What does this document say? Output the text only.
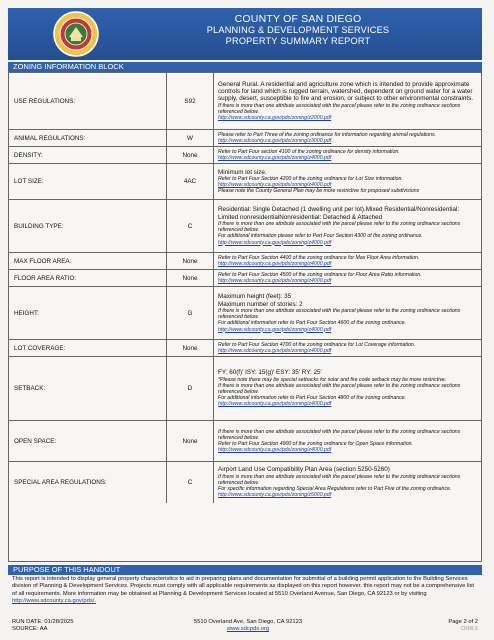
COUNTY OF SAN DIEGO
PLANNING & DEVELOPMENT SERVICES
PROPERTY SUMMARY REPORT
ZONING INFORMATION BLOCK
USE REGULATIONS:	S92
General Rural. A residential and agriculture zone which is intended to provide approximate controls for land which is rugged terrain, watershed, dependent on ground water for a water supply, desert, susceptible to fire and erosion, or subject to other environmental constraints.
If there is more than one attribute associated with the parcel please refer to the zoning ordinance sections referenced below.
http://www.sdcounty.ca.gov/pds/zoning/z2000.pdf
ANIMAL REGULATIONS:	W	Please refer to Part Three of the zoning ordinance for information regarding animal regulations.
http://www.sdcounty.ca.gov/pds/zoning/z3000.pdf
DENSITY:	None	Refer to Part Four section 4100 of the zoning ordinance for density information.
http://www.sdcounty.ca.gov/pds/zoning/z4000.pdf
LOT SIZE:	4AC
Minimum lot size.
Refer to Part Four Section 4200 of the zoning ordinance for Lot Size information.
http://www.sdcounty.ca.gov/pds/zoning/z4000.pdf
Please note the County General Plan may be more restrictive for proposed subdivisions
BUILDING TYPE:	C
Residential: Single Detached (1 dwelling unit per lot).Mixed Residential/Nonresidential: Limited nonresidentialNonresidential: Detached & Attached
If there is more than one attribute associated with the parcel please refer to the zoning ordinance sections referenced below.
For additional information please refer to Part Four Section 4300 of the zoning ordinance.
http://www.sdcounty.ca.gov/pds/zoning/z4000.pdf
MAX FLOOR AREA:	None	Refer to Part Four Section 4400 of the zoning ordinance for Max Floor Area information.
http://www.sdcounty.ca.gov/pds/zoning/z4000.pdf
FLOOR AREA RATIO:	None	Refer to Part Four Section 4500 of the zoning ordinance for Floor Area Ratio information.
http://www.sdcounty.ca.gov/pds/zoning/z4000.pdf
HEIGHT:	G
Maximum height (feet): 35
Maximum number of stories: 2
If there is more than one attribute associated with the parcel please refer to the zoning ordinance sections referenced below.
For additional information refer to Part Four Section 4600 of the zoning ordinance.
http://www.sdcounty.ca.gov/pds/zoning/z4000.pdf
LOT COVERAGE:	None	Refer to Part Four Section 4700 of the zoning ordinance for Lot Coverage information.
http://www.sdcounty.ca.gov/pds/zoning/z4000.pdf
SETBACK:	D
FY: 60(f)' ISY: 15(g)' ESY: 35' RY: 25'
*Please note there may be special setbacks for solar and fire code setback may be more restrictive.
If there is more than one attribute associated with the parcel please refer to the zoning ordinance sections referenced below.
For additional information refer to Part Four Section 4800 of the zoning ordinance.
http://www.sdcounty.ca.gov/pds/zoning/z4000.pdf
OPEN SPACE:	None
If there is more than one attribute associated with the parcel please refer to the zoning ordinance sections referenced below.
Refer to Part Four Section 4900 of the zoning ordinance for Open Space information.
http://www.sdcounty.ca.gov/pds/zoning/z4000.pdf
SPECIAL AREA REGULATIONS:	C
Airport Land Use Compatibility Plan Area (section 5250-5260)
If there is more than one attribute associated with the parcel please refer to the zoning ordinance sections referenced below.
For specific information regarding Special Area Regulations refer to Part Five of the zoning ordinance.
http://www.sdcounty.ca.gov/pds/zoning/z5000.pdf
PURPOSE OF THIS HANDOUT
This report is intended to display general property characteristics to aid in preparing plans and documentation for submittal of a building permit application to the Building Services division of Planning & Development Services. Projects must comply with all applicable requirements as displayed on this report however, this report may not be a comprehensive list of all requirements. More information may be obtained at Planning & Development Services located at 5510 Overland Avenue, San Diego, CA 92123 or by visiting http://www.sdcounty.ca.gov/pds/.
RUN DATE: 01/28/2025
SOURCE: AA
5510 Overland Ave, San Diego, CA 92123
www.sdcpds.org
Page 2 of 2
CRMLS
